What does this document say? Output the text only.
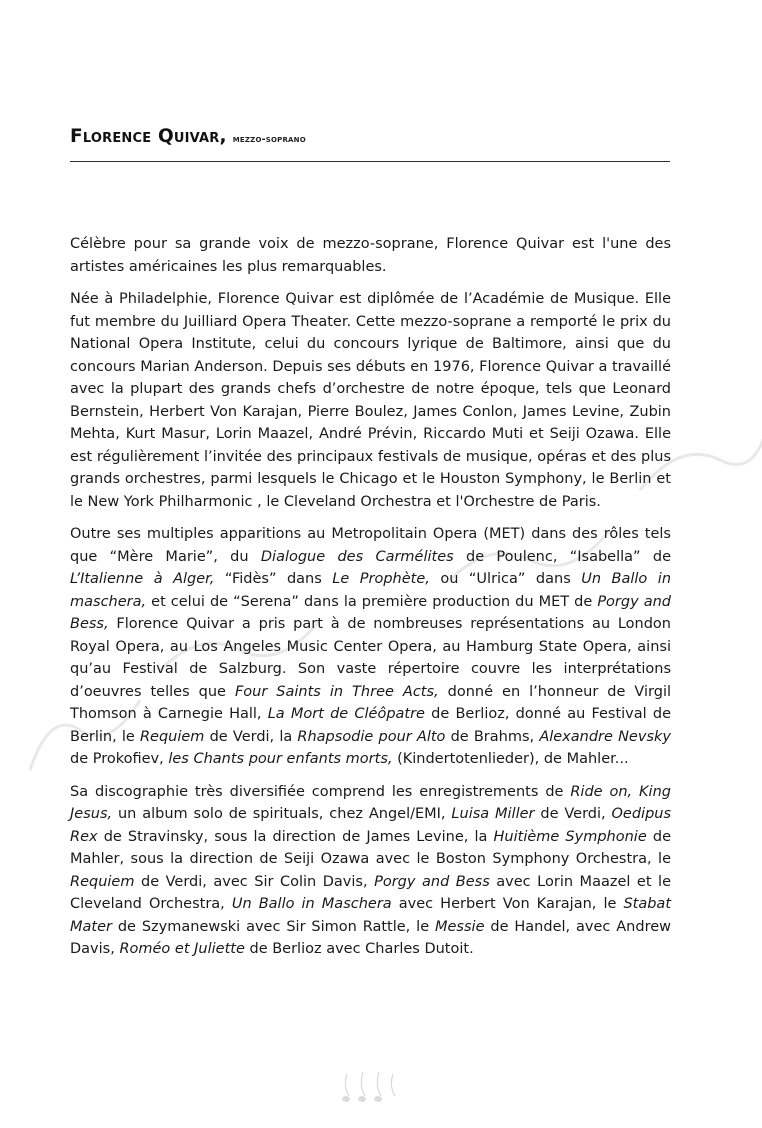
Florence Quivar, mezzo-soprano

Célèbre pour sa grande voix de mezzo-soprane, Florence Quivar est l'une des artistes américaines les plus remarquables.

Née à Philadelphie, Florence Quivar est diplômée de l’Académie de Musique. Elle fut membre du Juilliard Opera Theater. Cette mezzo-soprane a remporté le prix du National Opera Institute, celui du concours lyrique de Baltimore, ainsi que du concours Marian Anderson. Depuis ses débuts en 1976, Florence Quivar a travaillé avec la plupart des grands chefs d’orchestre de notre époque, tels que Leonard Bernstein, Herbert Von Karajan, Pierre Boulez, James Conlon, James Levine, Zubin Mehta, Kurt Masur, Lorin Maazel, André Prévin, Riccardo Muti et Seiji Ozawa. Elle est régulièrement l’invitée des principaux festivals de musique, opéras et des plus grands orchestres, parmi lesquels le Chicago et le Houston Symphony, le Berlin et le New York Philharmonic , le Cleveland Orchestra et l'Orchestre de Paris.

Outre ses multiples apparitions au Metropolitain Opera (MET) dans des rôles tels que “Mère Marie”, du Dialogue des Carmélites de Poulenc, “Isabella” de L’Italienne à Alger, “Fidès” dans Le Prophète, ou “Ulrica” dans Un Ballo in maschera, et celui de “Serena” dans la première production du MET de Porgy and Bess, Florence Quivar a pris part à de nombreuses représentations au London Royal Opera, au Los Angeles Music Center Opera, au Hamburg State Opera, ainsi qu’au Festival de Salzburg. Son vaste répertoire couvre les interprétations d’oeuvres telles que Four Saints in Three Acts, donné en l’honneur de Virgil Thomson à Carnegie Hall, La Mort de Cléôpatre de Berlioz, donné au Festival de Berlin, le Requiem de Verdi, la Rhapsodie pour Alto de Brahms, Alexandre Nevsky de Prokofiev, les Chants pour enfants morts, (Kindertotenlieder), de Mahler...

Sa discographie très diversifiée comprend les enregistrements de Ride on, King Jesus, un album solo de spirituals, chez Angel/EMI, Luisa Miller de Verdi, Oedipus Rex de Stravinsky, sous la direction de James Levine, la Huitième Symphonie de Mahler, sous la direction de Seiji Ozawa avec le Boston Symphony Orchestra, le Requiem de Verdi, avec Sir Colin Davis, Porgy and Bess avec Lorin Maazel et le Cleveland Orchestra, Un Ballo in Maschera avec Herbert Von Karajan, le Stabat Mater de Szymanewski avec Sir Simon Rattle, le Messie de Handel, avec Andrew Davis, Roméo et Juliette de Berlioz avec Charles Dutoit.
